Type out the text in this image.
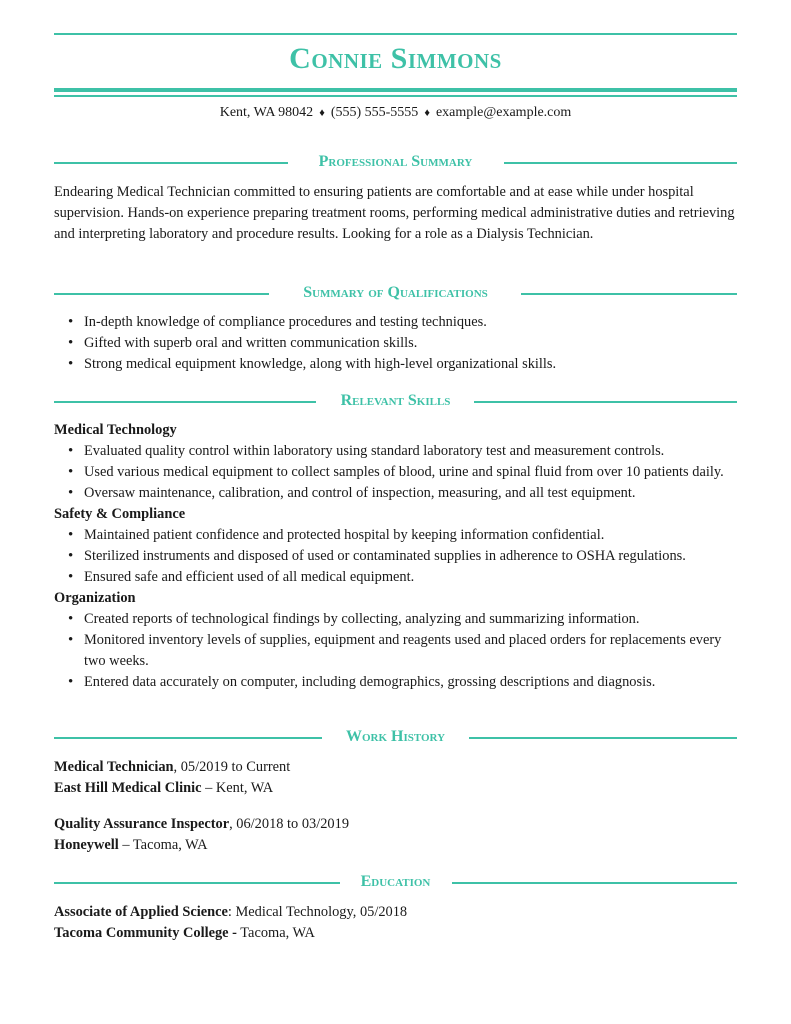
Connie Simmons
Kent, WA 98042 ♦ (555) 555-5555 ♦ example@example.com
Professional Summary
Endearing Medical Technician committed to ensuring patients are comfortable and at ease while under hospital supervision. Hands-on experience preparing treatment rooms, performing medical administrative duties and retrieving and interpreting laboratory and procedure results. Looking for a role as a Dialysis Technician.
Summary of Qualifications
• In-depth knowledge of compliance procedures and testing techniques.
• Gifted with superb oral and written communication skills.
• Strong medical equipment knowledge, along with high-level organizational skills.
Relevant Skills
Medical Technology
• Evaluated quality control within laboratory using standard laboratory test and measurement controls.
• Used various medical equipment to collect samples of blood, urine and spinal fluid from over 10 patients daily.
• Oversaw maintenance, calibration, and control of inspection, measuring, and all test equipment.
Safety & Compliance
• Maintained patient confidence and protected hospital by keeping information confidential.
• Sterilized instruments and disposed of used or contaminated supplies in adherence to OSHA regulations.
• Ensured safe and efficient used of all medical equipment.
Organization
• Created reports of technological findings by collecting, analyzing and summarizing information.
• Monitored inventory levels of supplies, equipment and reagents used and placed orders for replacements every two weeks.
• Entered data accurately on computer, including demographics, grossing descriptions and diagnosis.
Work History
Medical Technician, 05/2019 to Current
East Hill Medical Clinic – Kent, WA
Quality Assurance Inspector, 06/2018 to 03/2019
Honeywell – Tacoma, WA
Education
Associate of Applied Science: Medical Technology, 05/2018
Tacoma Community College - Tacoma, WA
